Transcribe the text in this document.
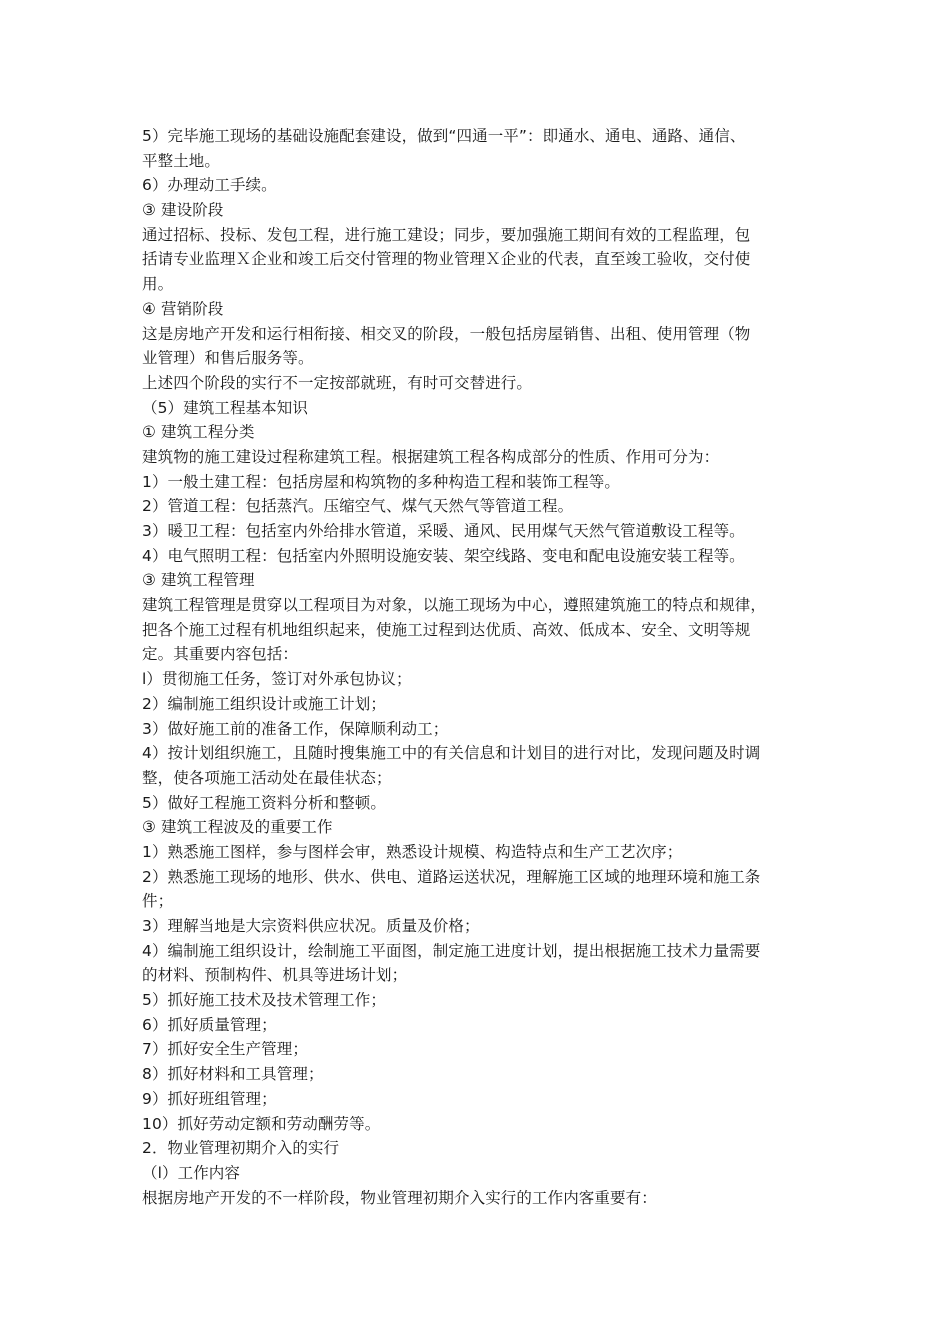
5）完毕施工现场的基础设施配套建设，做到“四通一平”：即通水、通电、通路、通信、
平整土地。
6）办理动工手续。
③ 建设阶段
通过招标、投标、发包工程，进行施工建设；同步，要加强施工期间有效的工程监理，包
括请专业监理Ｘ企业和竣工后交付管理的物业管理Ｘ企业的代表，直至竣工验收，交付使
用。
④ 营销阶段
这是房地产开发和运行相衔接、相交叉的阶段，一般包括房屋销售、出租、使用管理（物
业管理）和售后服务等。
上述四个阶段的实行不一定按部就班，有时可交替进行。
（5）建筑工程基本知识
① 建筑工程分类
建筑物的施工建设过程称建筑工程。根据建筑工程各构成部分的性质、作用可分为：
1）一般土建工程：包括房屋和构筑物的多种构造工程和装饰工程等。
2）管道工程：包括蒸汽。压缩空气、煤气天然气等管道工程。
3）暖卫工程：包括室内外给排水管道，采暖、通风、民用煤气天然气管道敷设工程等。
4）电气照明工程：包括室内外照明设施安装、架空线路、变电和配电设施安装工程等。
③ 建筑工程管理
建筑工程管理是贯穿以工程项目为对象，以施工现场为中心，遵照建筑施工的特点和规律，
把各个施工过程有机地组织起来，使施工过程到达优质、高效、低成本、安全、文明等规
定。其重要内容包括：
l）贯彻施工任务，签订对外承包协议；
2）编制施工组织设计或施工计划；
3）做好施工前的准备工作，保障顺利动工；
4）按计划组织施工，且随时搜集施工中的有关信息和计划目的进行对比，发现问题及时调
整，使各项施工活动处在最佳状态；
5）做好工程施工资料分析和整顿。
③ 建筑工程波及的重要工作
1）熟悉施工图样，参与图样会审，熟悉设计规模、构造特点和生产工艺次序；
2）熟悉施工现场的地形、供水、供电、道路运送状况，理解施工区域的地理环境和施工条
件；
3）理解当地是大宗资料供应状况。质量及价格；
4）编制施工组织设计，绘制施工平面图，制定施工进度计划，提出根据施工技术力量需要
的材料、预制构件、机具等进场计划；
5）抓好施工技术及技术管理工作；
6）抓好质量管理；
7）抓好安全生产管理；
8）抓好材料和工具管理；
9）抓好班组管理；
10）抓好劳动定额和劳动酬劳等。
2．物业管理初期介入的实行
（l）工作内容
根据房地产开发的不一样阶段，物业管理初期介入实行的工作内客重要有：
